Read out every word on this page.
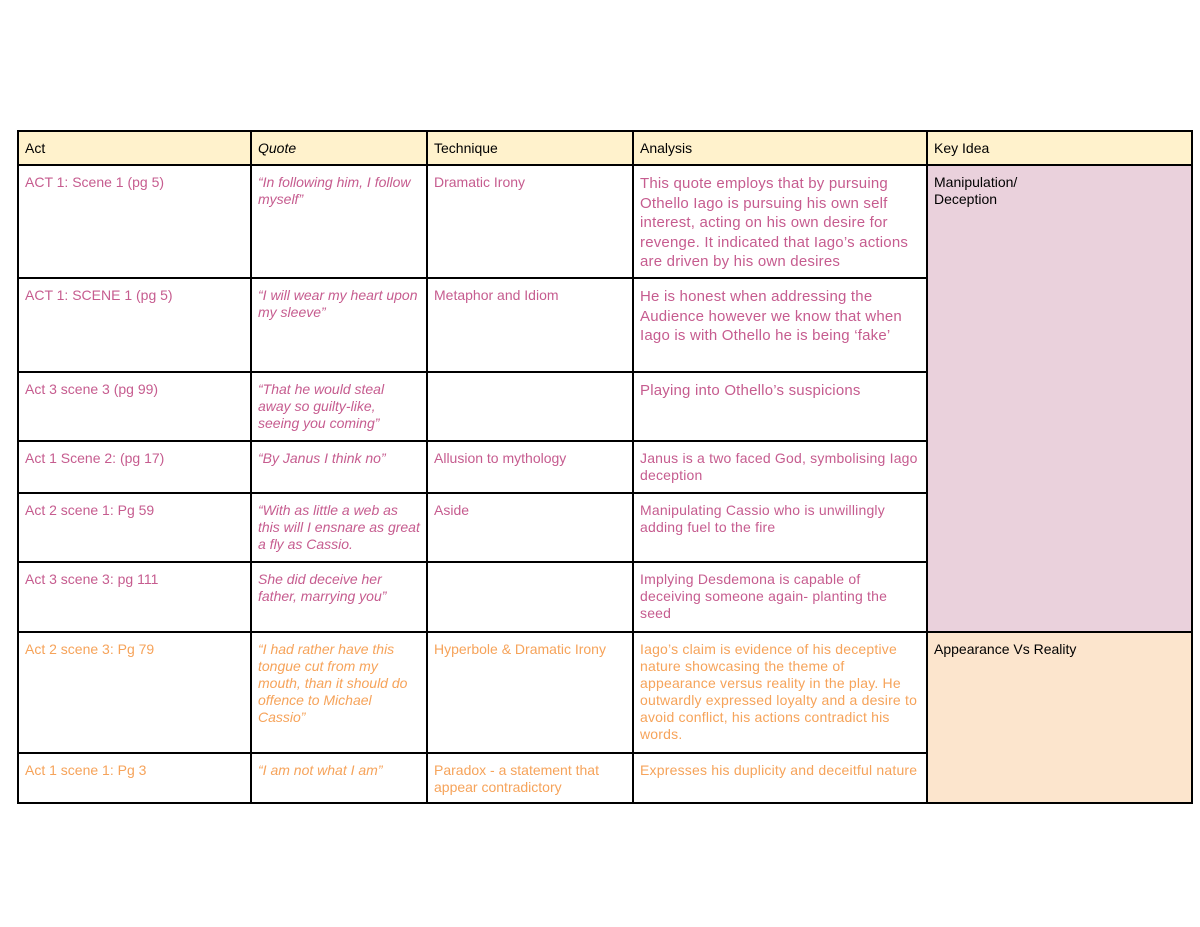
Act	Quote	Technique	Analysis	Key Idea
ACT 1: Scene 1 (pg 5)	“In following him, I follow myself”	Dramatic Irony	This quote employs that by pursuing Othello Iago is pursuing his own self interest, acting on his own desire for revenge. It indicated that Iago’s actions are driven by his own desires	Manipulation/
Deception
ACT 1: SCENE 1 (pg 5)	“I will wear my heart upon my sleeve”	Metaphor and Idiom	He is honest when addressing the Audience however we know that when Iago is with Othello he is being ‘fake’	
Act 3 scene 3 (pg 99)	“That he would steal away so guilty-like, seeing you coming”		Playing into Othello’s suspicions	
Act 1 Scene 2: (pg 17)	“By Janus I think no”	Allusion to mythology	Janus is a two faced God, symbolising Iago deception	
Act 2 scene 1: Pg 59	“With as little a web as this will I ensnare as great a fly as Cassio.	Aside	Manipulating Cassio who is unwillingly adding fuel to the fire	
Act 3 scene 3: pg 111	She did deceive her father, marrying you”		Implying Desdemona is capable of deceiving someone again- planting the seed	
Act 2 scene 3: Pg 79	“I had rather have this tongue cut from my mouth, than it should do offence to Michael Cassio”	Hyperbole & Dramatic Irony	Iago’s claim is evidence of his deceptive nature showcasing the theme of appearance versus reality in the play. He outwardly expressed loyalty and a desire to avoid conflict, his actions contradict his words.	Appearance Vs Reality
Act 1 scene 1: Pg 3	“I am not what I am”	Paradox - a statement that appear contradictory	Expresses his duplicity and deceitful nature	
